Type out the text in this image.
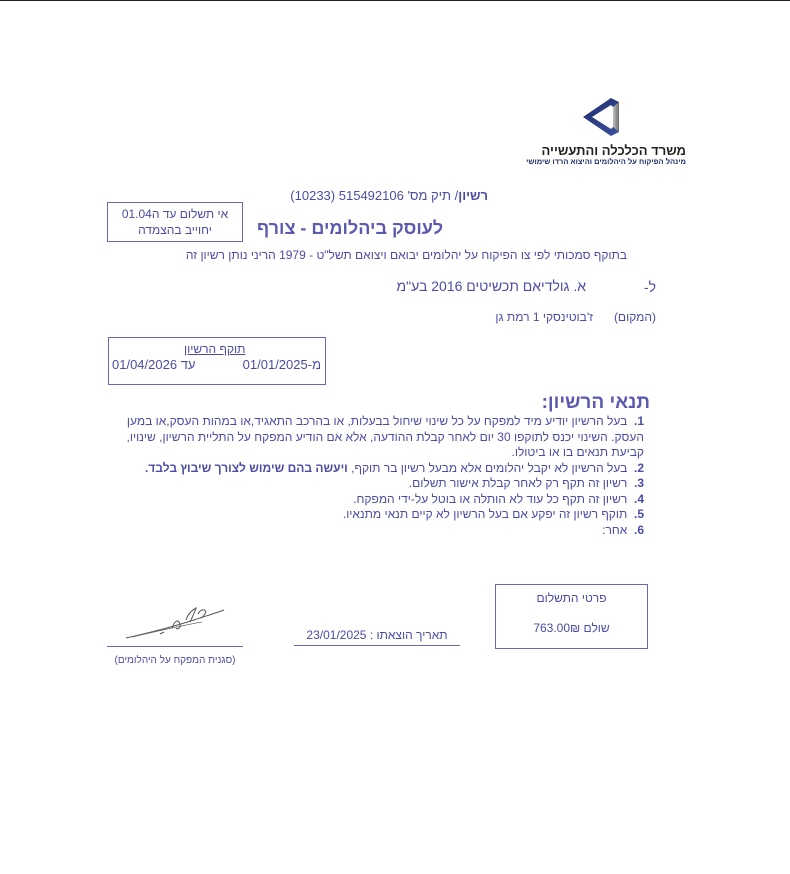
משרד הכלכלה והתעשייה
מינהל הפיקוח על היהלומים והיצוא הרדו שימושי
רשיון/ תיק מס' 515492106 (10233)
אי תשלום עד ה01.04
יחוייב בהצמדה	לעוסק ביהלומים - צורף
בתוקף סמכותי לפי צו הפיקוח על יהלומים יבואם ויצואם תשל"ט - 1979 הריני נותן רשיון זה
ל-
א. גולדיאם תכשיטים 2016 בע"מ
(המקום)
ז'בוטינסקי 1 רמת גן
תוקף הרשיון
מ-01/01/2025
עד 01/04/2026
תנאי הרשיון:
1.  בעל הרשיון יודיע מיד למפקח על כל שינוי שיחול בבעלות, או בהרכב התאגיד,או במהות העסק,או במען העסק. השינוי יכנס לתוקפו 30 יום לאחר קבלת ההודעה, אלא אם הודיע המפקח על התליית הרשיון, שינויו, קביעת תנאים בו או ביטולו.
2.  בעל הרשיון לא יקבל יהלומים אלא מבעל רשיון בר תוקף, ויעשה בהם שימוש לצורך שיבוץ בלבד.
3.  רשיון זה תקף רק לאחר קבלת אישור תשלום.
4.  רשיון זה תקף כל עוד לא הותלה או בוטל על-ידי המפקח.
5.  תוקף רשיון זה יפקע אם בעל הרשיון לא קיים תנאי מתנאיו.
6.  אחר:
פרטי התשלום
שולם 763.00₪
תאריך הוצאתו : 23/01/2025
(סגנית המפקח על היהלומים)
